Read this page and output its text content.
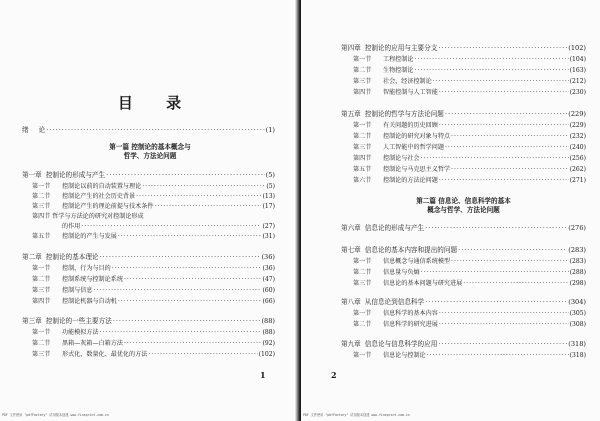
目 录
绪 论 ·····	(1)
第一篇 控制论的基本概念与
哲学、方法论问题
第一章 控制论的形成与产生 ·····	(5)
第一节	控制论以前的自动装置与理论 ·····	(5)
第二节	控制论产生的社会历史背景 ·····	(13)
第三节	控制论产生的理论前提与技术条件 ·····	(17)
第四节 哲学与方法论的研究对控制论形成
的作用 ·····	(27)
第五节	控制论的产生与发展 ·····	(31)
第二章 控制论的基本理论 ·····	(36)
第一节	控制、行为与目的 ·····	(36)
第二节	控制系统与控制论系统 ·····	(47)
第三节	控制与信息 ·····	(60)
第四节	控制论机器与自动机 ·····	(66)
第三章 控制论的一些主要方法 ·····	(88)
第一节	功能模拟方法 ·····	(88)
第二节	黑箱—灰箱—白箱方法 ·····	(92)
第三节	形式化、数量化、最优化的方法 ·····	(102)
1
PDF 文件使用 "pdfFactory" 试用版本创建 www.fineprint.com.cn
第四章 控制论的应用与主要分支 ·····	(102)
第一节	工程控制论 ·····	(104)
第二节	生物控制论 ·····	(163)
第三节	社会、经济控制论 ·····	(212)
第四节	智能控制与人工智能 ·····	(230)
第五章 控制论的哲学与方法论问题 ·····	(229)
第一节	有关问题的历史回顾 ·····	(229)
第二节	控制论的研究对象与特点 ·····	(232)
第三节	人工智能中的哲学问题 ·····	(240)
第四节	控制论与社会 ·····	(256)
第五节	控制论与马克思主义哲学 ·····	(262)
第六节	控制论的方法论问题 ·····	(271)
第二篇 信息论、信息科学的基本
概念与哲学、方法论问题
第六章 信息论的形成与产生 ·····	(276)
第七章 信息论的基本内容和提出的问题 ·····	(283)
第一节	信息概念与通信系统模型 ·····	(283)
第二节	信息量与负熵 ·····	(288)
第三节	信息论的基本问题与研究进展 ·····	(298)
第八章 从信息论到信息科学 ·····	(304)
第一节	信息科学的基本内容 ·····	(305)
第二节	信息科学的研究进展 ·····	(308)
第九章 信息论与信息科学的应用 ·····	(318)
第一节	信息论与控制论 ·····	(318)
2
PDF 文件使用 "pdfFactory" 试用版本创建 www.fineprint.com.cn
